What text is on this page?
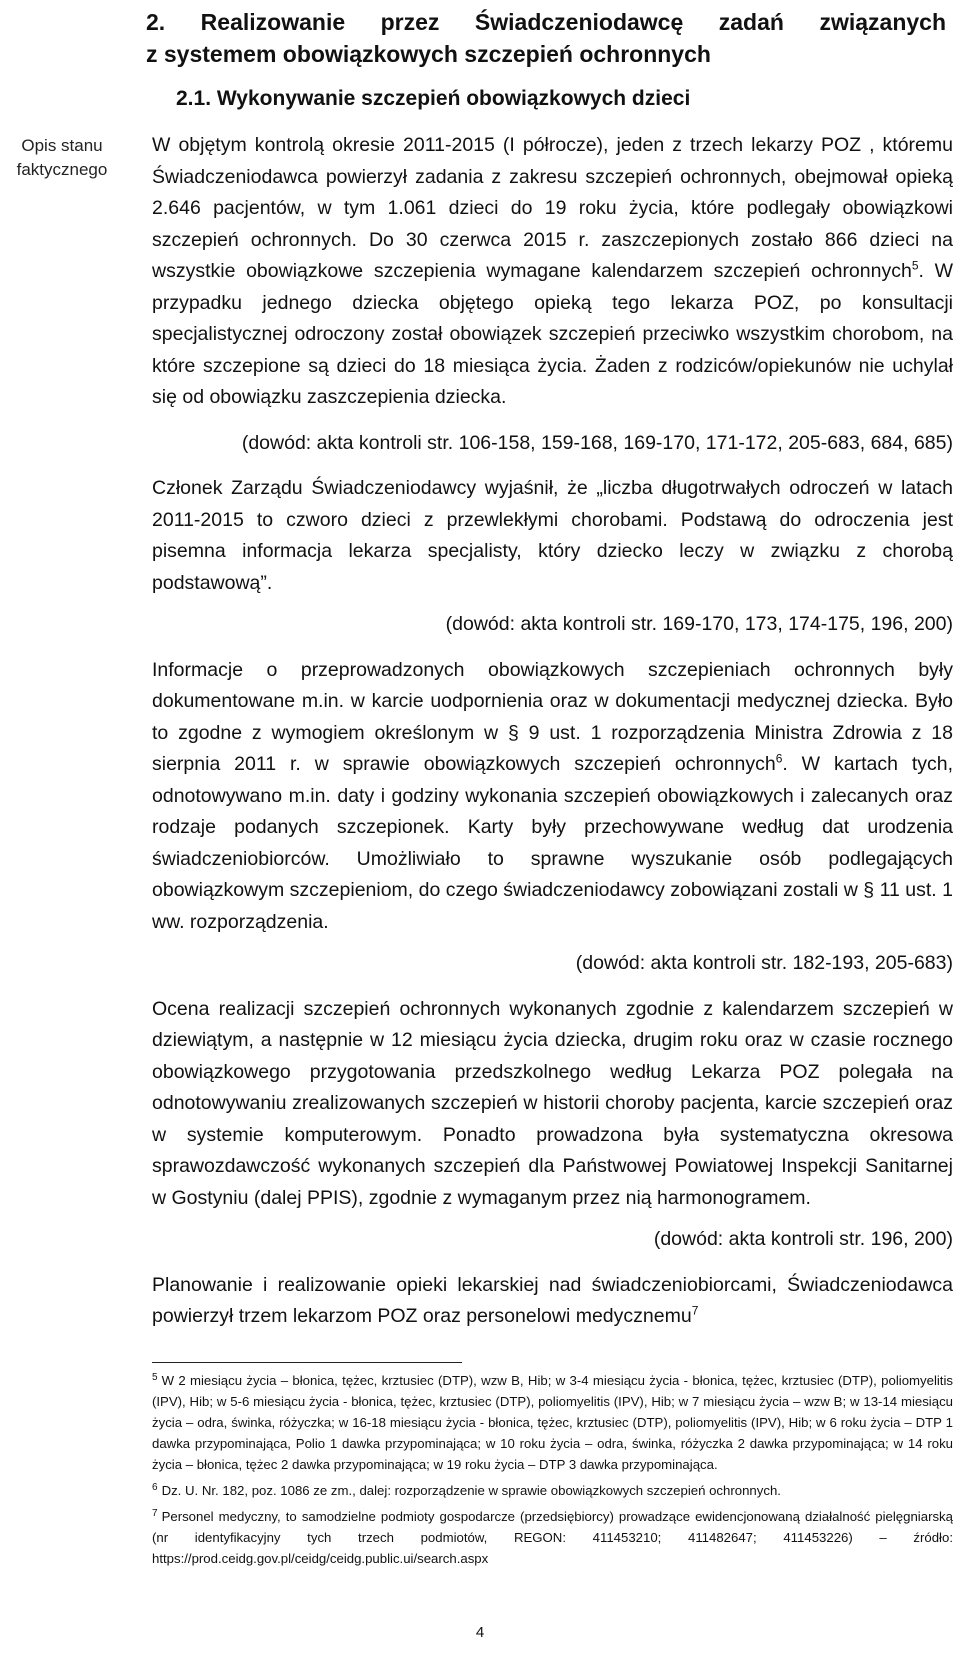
2. Realizowanie przez Świadczeniodawcę zadań związanych
z systemem obowiązkowych szczepień ochronnych
2.1. Wykonywanie szczepień obowiązkowych dzieci
Opis stanu
faktycznego

W objętym kontrolą okresie 2011-2015 (I półrocze), jeden z trzech lekarzy POZ , któremu Świadczeniodawca powierzył zadania z zakresu szczepień ochronnych, obejmował opieką 2.646 pacjentów, w tym 1.061 dzieci do 19 roku życia, które podlegały obowiązkowi szczepień ochronnych. Do 30 czerwca 2015 r. zaszczepionych zostało 866 dzieci na wszystkie obowiązkowe szczepienia wymagane kalendarzem szczepień ochronnych$^5$. W przypadku jednego dziecka objętego opieką tego lekarza POZ, po konsultacji specjalistycznej odroczony został obowiązek szczepień przeciwko wszystkim chorobom, na które szczepione są dzieci do 18 miesiąca życia. Żaden z rodziców/opiekunów nie uchylał się od obowiązku zaszczepienia dziecka.

(dowód: akta kontroli str. 106-158, 159-168, 169-170, 171-172, 205-683, 684, 685)

Członek Zarządu Świadczeniodawcy wyjaśnił, że „liczba długotrwałych odroczeń w latach 2011-2015 to czworo dzieci z przewlekłymi chorobami. Podstawą do odroczenia jest pisemna informacja lekarza specjalisty, który dziecko leczy w związku z chorobą podstawową”.

(dowód: akta kontroli str. 169-170, 173, 174-175, 196, 200)

Informacje o przeprowadzonych obowiązkowych szczepieniach ochronnych były dokumentowane m.in. w karcie uodpornienia oraz w dokumentacji medycznej dziecka. Było to zgodne z wymogiem określonym w § 9 ust. 1 rozporządzenia Ministra Zdrowia z 18 sierpnia 2011 r. w sprawie obowiązkowych szczepień ochronnych$^6$. W kartach tych, odnotowywano m.in. daty i godziny wykonania szczepień obowiązkowych i zalecanych oraz rodzaje podanych szczepionek. Karty były przechowywane według dat urodzenia świadczeniobiorców. Umożliwiało to sprawne wyszukanie osób podlegających obowiązkowym szczepieniom, do czego świadczeniodawcy zobowiązani zostali w § 11 ust. 1 ww. rozporządzenia.

(dowód: akta kontroli str. 182-193, 205-683)

Ocena realizacji szczepień ochronnych wykonanych zgodnie z kalendarzem szczepień w dziewiątym, a następnie w 12 miesiącu życia dziecka, drugim roku oraz w czasie rocznego obowiązkowego przygotowania przedszkolnego według Lekarza POZ polegała na odnotowywaniu zrealizowanych szczepień w historii choroby pacjenta, karcie szczepień oraz w systemie komputerowym. Ponadto prowadzona była systematyczna okresowa sprawozdawczość wykonanych szczepień dla Państwowej Powiatowej Inspekcji Sanitarnej w Gostyniu (dalej PPIS), zgodnie z wymaganym przez nią harmonogramem.

(dowód: akta kontroli str. 196, 200)

Planowanie i realizowanie opieki lekarskiej nad świadczeniobiorcami, Świadczeniodawca powierzył trzem lekarzom POZ oraz personelowi medycznemu$^7$

$^5$ W 2 miesiącu życia – błonica, tężec, krztusiec (DTP), wzw B, Hib; w 3-4 miesiącu życia - błonica, tężec, krztusiec (DTP), poliomyelitis (IPV), Hib; w 5-6 miesiącu życia - błonica, tężec, krztusiec (DTP), poliomyelitis (IPV), Hib; w 7 miesiącu życia – wzw B; w 13-14 miesiącu życia – odra, świnka, różyczka; w 16-18 miesiącu życia - błonica, tężec, krztusiec (DTP), poliomyelitis (IPV), Hib; w 6 roku życia – DTP 1 dawka przypominająca, Polio 1 dawka przypominająca; w 10 roku życia – odra, świnka, różyczka 2 dawka przypominająca; w 14 roku życia – błonica, tężec 2 dawka przypominająca; w 19 roku życia – DTP 3 dawka przypominająca.

$^6$ Dz. U. Nr. 182, poz. 1086 ze zm., dalej: rozporządzenie w sprawie obowiązkowych szczepień ochronnych.

$^7$ Personel medyczny, to samodzielne podmioty gospodarcze (przedsiębiorcy) prowadzące ewidencjonowaną działalność pielęgniarską (nr identyfikacyjny tych trzech podmiotów, REGON: 411453210; 411482647; 411453226) – źródło: https://prod.ceidg.gov.pl/ceidg/ceidg.public.ui/search.aspx

4
